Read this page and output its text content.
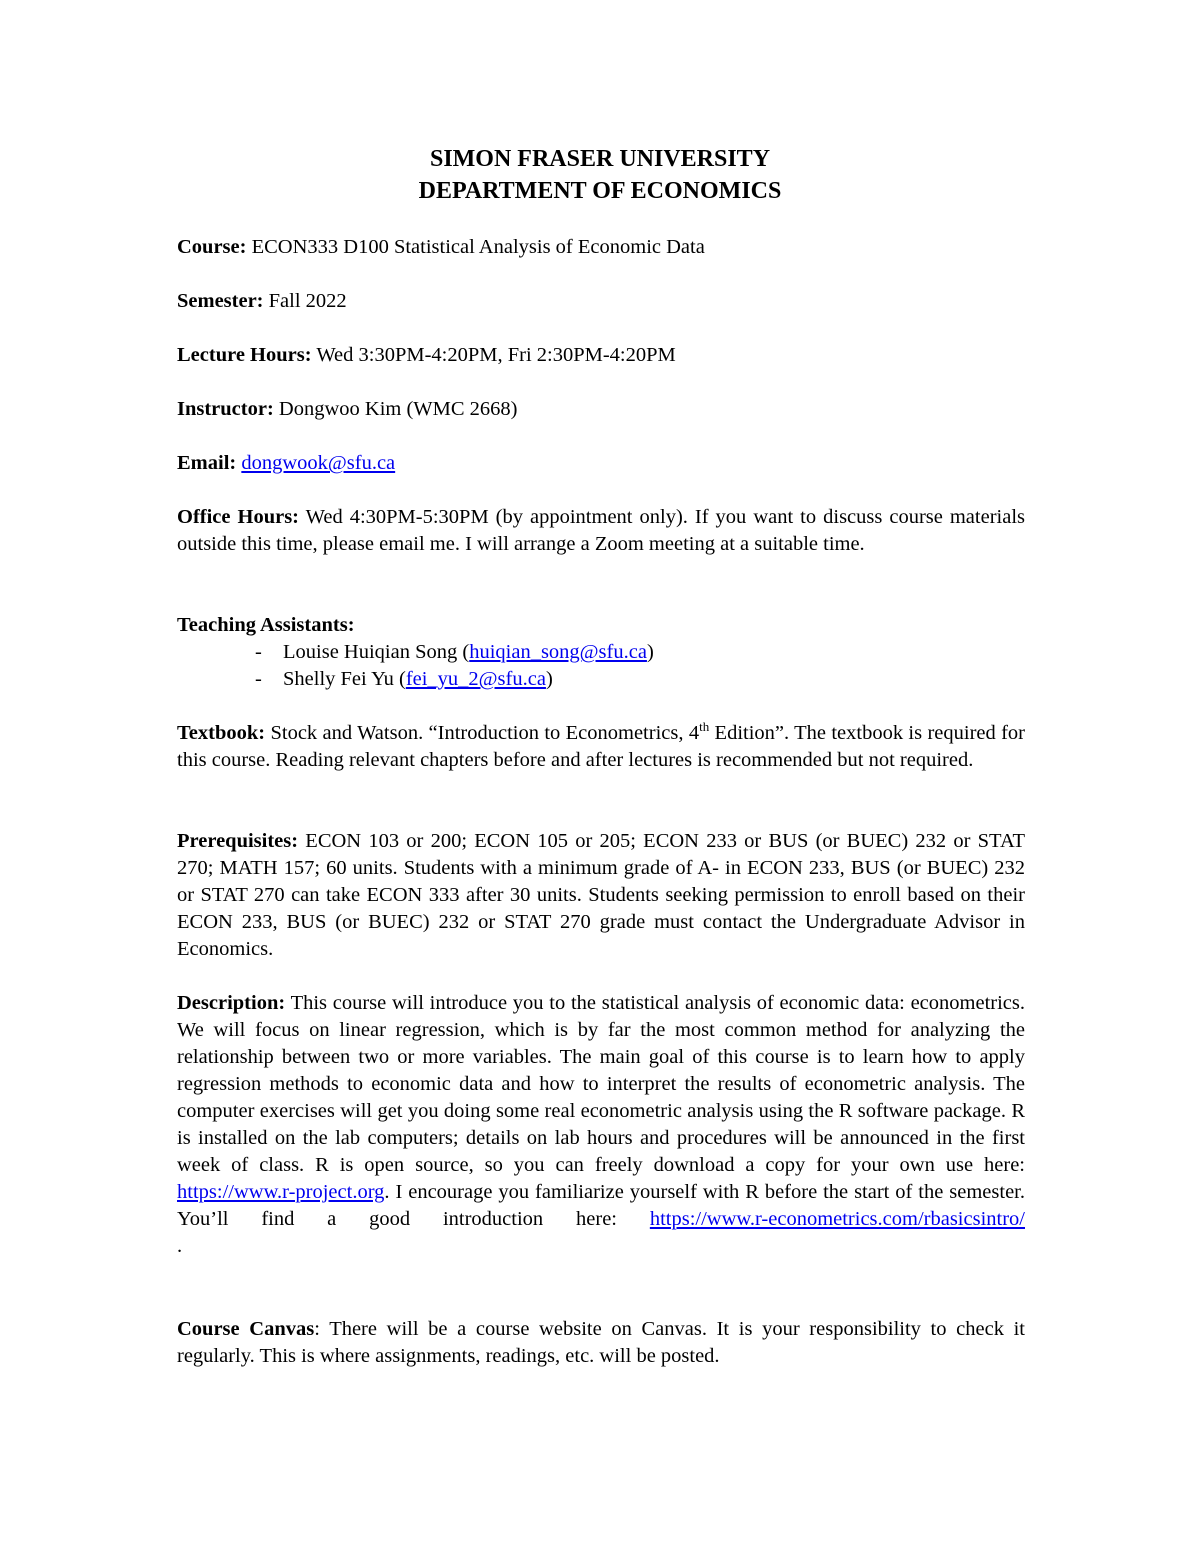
SIMON FRASER UNIVERSITY

DEPARTMENT OF ECONOMICS

Course: ECON333 D100 Statistical Analysis of Economic Data

Semester: Fall 2022

Lecture Hours: Wed 3:30PM-4:20PM, Fri 2:30PM-4:20PM

Instructor: Dongwoo Kim (WMC 2668)

Email: dongwook@sfu.ca

Office Hours: Wed 4:30PM-5:30PM (by appointment only). If you want to discuss course materials outside this time, please email me. I will arrange a Zoom meeting at a suitable time.

Teaching Assistants:

- Louise Huiqian Song (huiqian_song@sfu.ca)

- Shelly Fei Yu (fei_yu_2@sfu.ca)

Textbook: Stock and Watson. “Introduction to Econometrics, 4th Edition”. The textbook is required for this course. Reading relevant chapters before and after lectures is recommended but not required.

Prerequisites: ECON 103 or 200; ECON 105 or 205; ECON 233 or BUS (or BUEC) 232 or STAT 270; MATH 157; 60 units. Students with a minimum grade of A- in ECON 233, BUS (or BUEC) 232 or STAT 270 can take ECON 333 after 30 units. Students seeking permission to enroll based on their ECON 233, BUS (or BUEC) 232 or STAT 270 grade must contact the Undergraduate Advisor in Economics.

Description: This course will introduce you to the statistical analysis of economic data: econometrics. We will focus on linear regression, which is by far the most common method for analyzing the relationship between two or more variables. The main goal of this course is to learn how to apply regression methods to economic data and how to interpret the results of econometric analysis. The computer exercises will get you doing some real econometric analysis using the R software package. R is installed on the lab computers; details on lab hours and procedures will be announced in the first week of class. R is open source, so you can freely download a copy for your own use here: https://www.r-project.org. I encourage you familiarize yourself with R before the start of the semester. You’ll find a good introduction here: https://www.r-econometrics.com/rbasicsintro/
.

Course Canvas: There will be a course website on Canvas. It is your responsibility to check it regularly. This is where assignments, readings, etc. will be posted.
